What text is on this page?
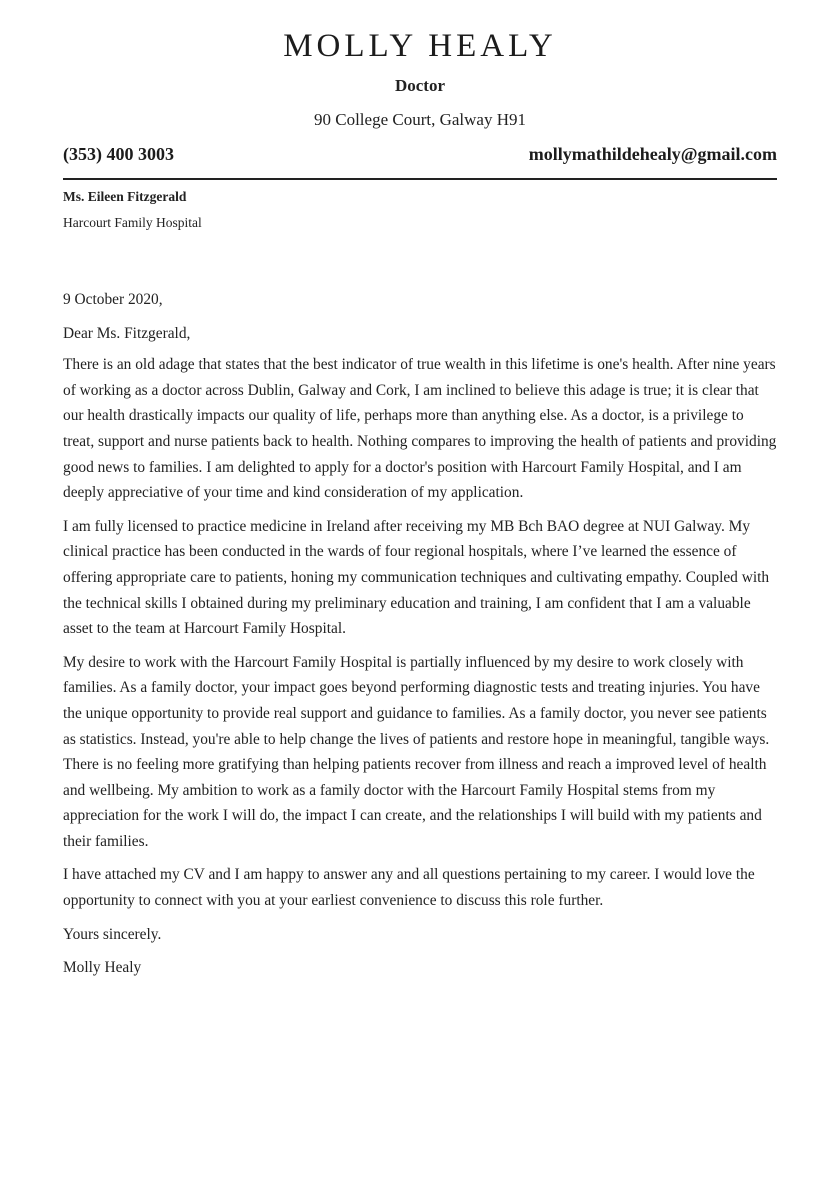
MOLLY HEALY
Doctor
90 College Court, Galway H91
(353) 400 3003	mollymathildehealy@gmail.com
Ms. Eileen Fitzgerald
Harcourt Family Hospital

9 October 2020,

Dear Ms. Fitzgerald,

There is an old adage that states that the best indicator of true wealth in this lifetime is one's health. After nine years of working as a doctor across Dublin, Galway and Cork, I am inclined to believe this adage is true; it is clear that our health drastically impacts our quality of life, perhaps more than anything else. As a doctor, is a privilege to treat, support and nurse patients back to health. Nothing compares to improving the health of patients and providing good news to families. I am delighted to apply for a doctor's position with Harcourt Family Hospital, and I am deeply appreciative of your time and kind consideration of my application.

I am fully licensed to practice medicine in Ireland after receiving my MB Bch BAO degree at NUI Galway. My clinical practice has been conducted in the wards of four regional hospitals, where I’ve learned the essence of offering appropriate care to patients, honing my communication techniques and cultivating empathy. Coupled with the technical skills I obtained during my preliminary education and training, I am confident that I am a valuable asset to the team at Harcourt Family Hospital.

My desire to work with the Harcourt Family Hospital is partially influenced by my desire to work closely with families. As a family doctor, your impact goes beyond performing diagnostic tests and treating injuries. You have the unique opportunity to provide real support and guidance to families. As a family doctor, you never see patients as statistics. Instead, you're able to help change the lives of patients and restore hope in meaningful, tangible ways. There is no feeling more gratifying than helping patients recover from illness and reach a improved level of health and wellbeing. My ambition to work as a family doctor with the Harcourt Family Hospital stems from my appreciation for the work I will do, the impact I can create, and the relationships I will build with my patients and their families.

I have attached my CV and I am happy to answer any and all questions pertaining to my career. I would love the opportunity to connect with you at your earliest convenience to discuss this role further.

Yours sincerely.

Molly Healy
